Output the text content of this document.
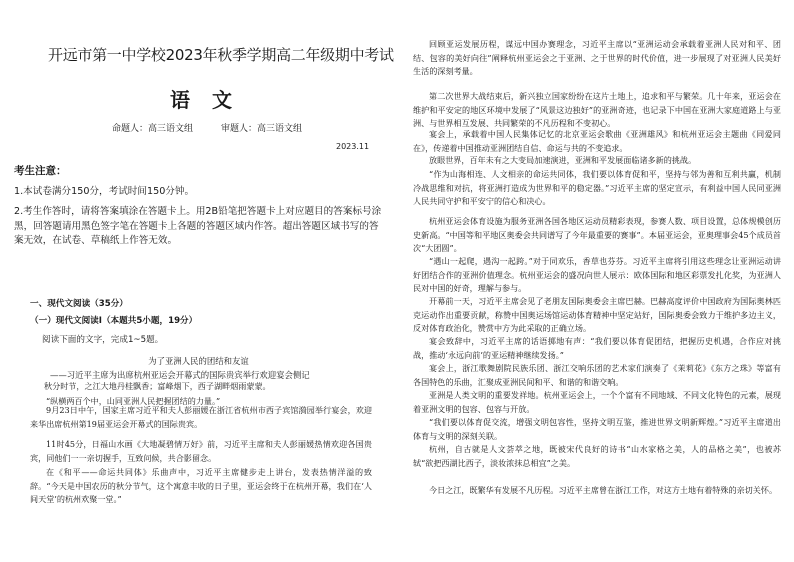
开远市第一中学校2023年秋季学期高二年级期中考试
语文
命题人：高三语文组	审题人：高三语文组
2023.11
考生注意：
1.本试卷满分150分，考试时间150分钟。
2.考生作答时，请将答案填涂在答题卡上。用2B铅笔把答题卡上对应题目的答案标号涂黑，回答题请用黑色签字笔在答题卡上各题的答题区域内作答。超出答题区域书写的答案无效，在试卷、草稿纸上作答无效。
一、现代文阅读（35分）
（一）现代文阅读Ⅰ（本题共5小题，19分）
阅读下面的文字，完成1~5题。
为了亚洲人民的团结和友谊
——习近平主席为出席杭州亚运会开幕式的国际贵宾举行欢迎宴会侧记
秋分时节，之江大地丹桂飘香；富峰烟下，西子湖畔烟雨蒙蒙。
“纵横两百个中，山同亚洲人民把握团结的力量。”
9月23日中午，国家主席习近平和夫人彭丽媛在浙江省杭州市西子宾馆漪园举行宴会，欢迎来华出席杭州第19届亚运会开幕式的国际贵宾。
11时45分，日福山水画《大地凝碧情万好》前，习近平主席和夫人彭丽媛热情欢迎各国贵宾，同他们一一亲切握手，互致问候，共合影留念。
在《和平——命运共同体》乐曲声中，习近平主席健步走上讲台，发表热情洋溢的致辞。“今天是中国农历的秋分节气，这个寓意丰收的日子里，亚运会终于在杭州开幕，我们在‘人间天堂’的杭州欢聚一堂。”
回顾亚运发展历程，谋远中国办赛理念，习近平主席以“亚洲运动会承载着亚洲人民对和平、团结、包容的美好向往”阐释杭州亚运会之于亚洲、之于世界的时代价值，进一步展现了对亚洲人民美好生活的深刻考量。
第二次世界大战结束后，新兴独立国家纷纷在这片土地上，追求和平与繁荣。几十年来，亚运会在维护和平安定的地区环境中发展了“风景这边独好”的亚洲奇迹，也记录下中国在亚洲大家庭道路上与亚洲、与世界相互发展、共同繁荣的不凡历程和不变初心。
宴会上，承载着中国人民集体记忆的北京亚运会歌曲《亚洲雄风》和杭州亚运会主题曲《同爱同在》，传递着中国推动亚洲团结自信、命运与共的不变追求。
放眼世界，百年未有之大变局加速演进，亚洲和平发展面临诸多新的挑战。
“作为山海相连、人文相亲的命运共同体，我们要以体育促和平，坚持与邻为善和互利共赢，机制冷战思维和对抗，将亚洲打造成为世界和平的稳定器。”习近平主席的坚定宣示，有利益中国人民同亚洲人民共同守护和平安宁的信心和决心。
杭州亚运会体育设施为服务亚洲各国各地区运动员精彩表现，参赛人数、项目设置，总体规模创历史新高。“中国等和平地区奥委会共同谱写了今年最重要的赛事”。本届亚运会，亚奥理事会45个成员首次“大团圆”。
“遇山一起爬，遇沟一起跨。”对于同欢乐，香草也芬芬。习近平主席将引用这些理念让亚洲运动讲好团结合作的亚洲价值理念。杭州亚运会的盛况向世人展示：欧体国际和地区彩票发扎化奖，为亚洲人民对中国的好奇，理解与参与。
开幕前一天，习近平主席会见了老朋友国际奥委会主席巴赫。巴赫高度评价中国政府为国际奥林匹克运动作出重要贡献，称赞中国奥运场馆运动体育精神中坚定站好，国际奥委会致力于维护多边主义，反对体育政治化，赞赏中方为此采取的正确立场。
宴会致辞中，习近平主席的话语掷地有声：“我们要以体育促团结，把握历史机遇，合作应对挑战，推动‘永远向前’的亚运精神继续发扬。”
宴会上，浙江歌舞剧院民族乐团、浙江交响乐团的艺术家们演奏了《茉莉花》《东方之珠》等富有各国特色的乐曲，汇聚成亚洲民间和平、和谐的和谐交响。
亚洲是人类文明的重要发祥地。杭州亚运会上，一个个富有不同地域、不同文化特色的元素，展现着亚洲文明的包容、包容与开放。
“我们要以体育促交流，增强文明包容性，坚持文明互鉴，推进世界文明新辉煌。”习近平主席道出体育与文明的深刻关联。
杭州，自古就是人文荟萃之地，既被宋代良好的诗书“山水家格之美，人的品格之美”，也被苏轼“欲把西湖比西子，淡妆浓抹总相宜”之美。
今日之江，既繁华有发展不凡历程。习近平主席曾在浙江工作，对这方土地有着特殊的亲切关怀。
